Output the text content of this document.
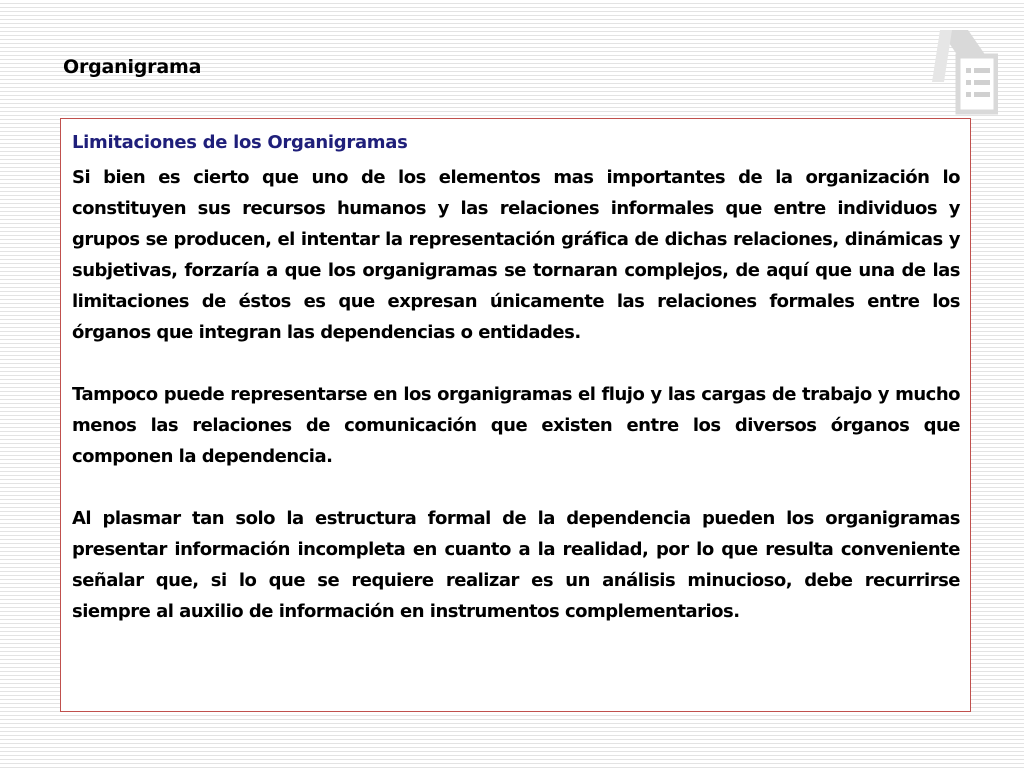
Organigrama
Limitaciones de los Organigramas

Si bien es cierto que uno de los elementos mas importantes de la organización lo constituyen sus recursos humanos y las relaciones informales que entre individuos y grupos se producen, el intentar la representación gráfica de dichas relaciones, dinámicas y subjetivas, forzaría a que los organigramas se tornaran complejos, de aquí que una de las limitaciones de éstos es que expresan únicamente las relaciones formales entre los órganos que integran las dependencias o entidades.

Tampoco puede representarse en los organigramas el flujo y las cargas de trabajo y mucho menos las relaciones de comunicación que existen entre los diversos órganos que componen la dependencia.

Al plasmar tan solo la estructura formal de la dependencia pueden los organigramas presentar información incompleta en cuanto a la realidad, por lo que resulta conveniente señalar que, si lo que se requiere realizar es un análisis minucioso, debe recurrirse siempre al auxilio de información en instrumentos complementarios.
